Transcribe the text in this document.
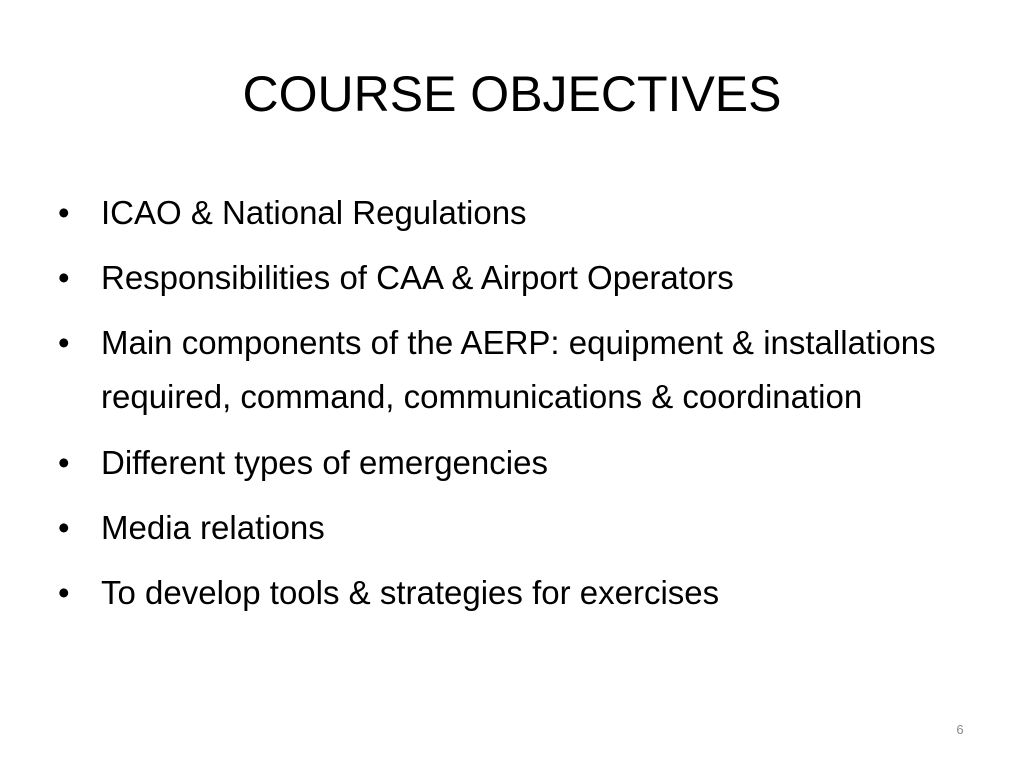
COURSE OBJECTIVES
• ICAO & National Regulations
• Responsibilities of CAA & Airport Operators
• Main components of the AERP: equipment & installations required, command, communications & coordination
• Different types of emergencies
• Media relations
• To develop tools & strategies for exercises
6
